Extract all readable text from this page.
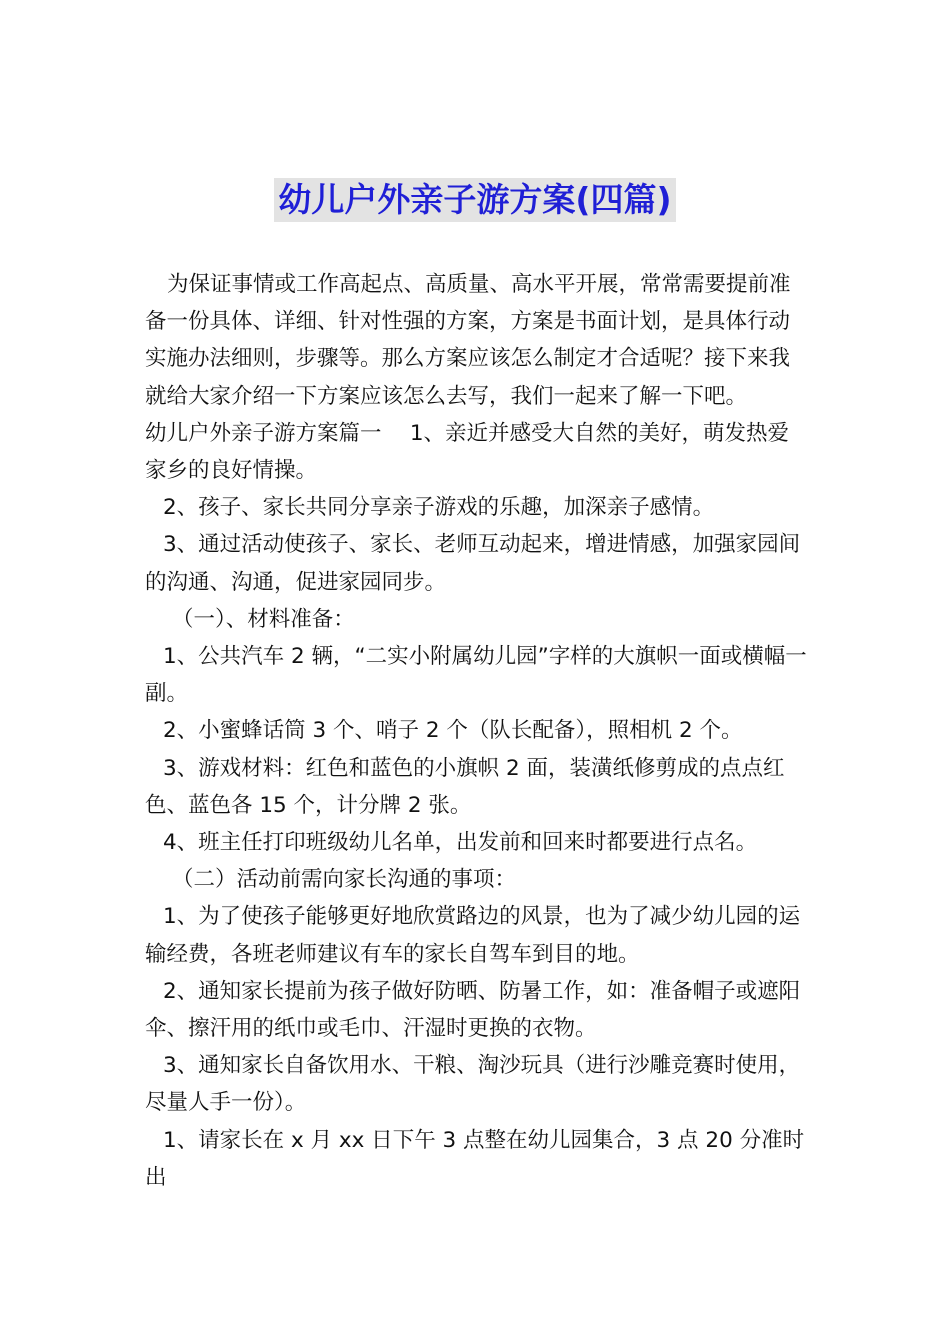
幼儿户外亲子游方案(四篇)

为保证事情或工作高起点、高质量、高水平开展，常常需要提前准备一份具体、详细、针对性强的方案，方案是书面计划，是具体行动实施办法细则，步骤等。那么方案应该怎么制定才合适呢？接下来我就给大家介绍一下方案应该怎么去写，我们一起来了解一下吧。

幼儿户外亲子游方案篇一　 1、亲近并感受大自然的美好，萌发热爱家乡的良好情操。

2、孩子、家长共同分享亲子游戏的乐趣，加深亲子感情。

3、通过活动使孩子、家长、老师互动起来，增进情感，加强家园间的沟通、沟通，促进家园同步。

（一）、材料准备：

1、公共汽车 2 辆，“二实小附属幼儿园”字样的大旗帜一面或横幅一副。

2、小蜜蜂话筒 3 个、哨子 2 个（队长配备），照相机 2 个。

3、游戏材料：红色和蓝色的小旗帜 2 面，装潢纸修剪成的点点红色、蓝色各 15 个，计分牌 2 张。

4、班主任打印班级幼儿名单，出发前和回来时都要进行点名。

（二）活动前需向家长沟通的事项：

1、为了使孩子能够更好地欣赏路边的风景，也为了减少幼儿园的运输经费，各班老师建议有车的家长自驾车到目的地。

2、通知家长提前为孩子做好防晒、防暑工作，如：准备帽子或遮阳伞、擦汗用的纸巾或毛巾、汗湿时更换的衣物。

3、通知家长自备饮用水、干粮、淘沙玩具（进行沙雕竞赛时使用，尽量人手一份）。

1、请家长在 x 月 xx 日下午 3 点整在幼儿园集合，3 点 20 分准时出
